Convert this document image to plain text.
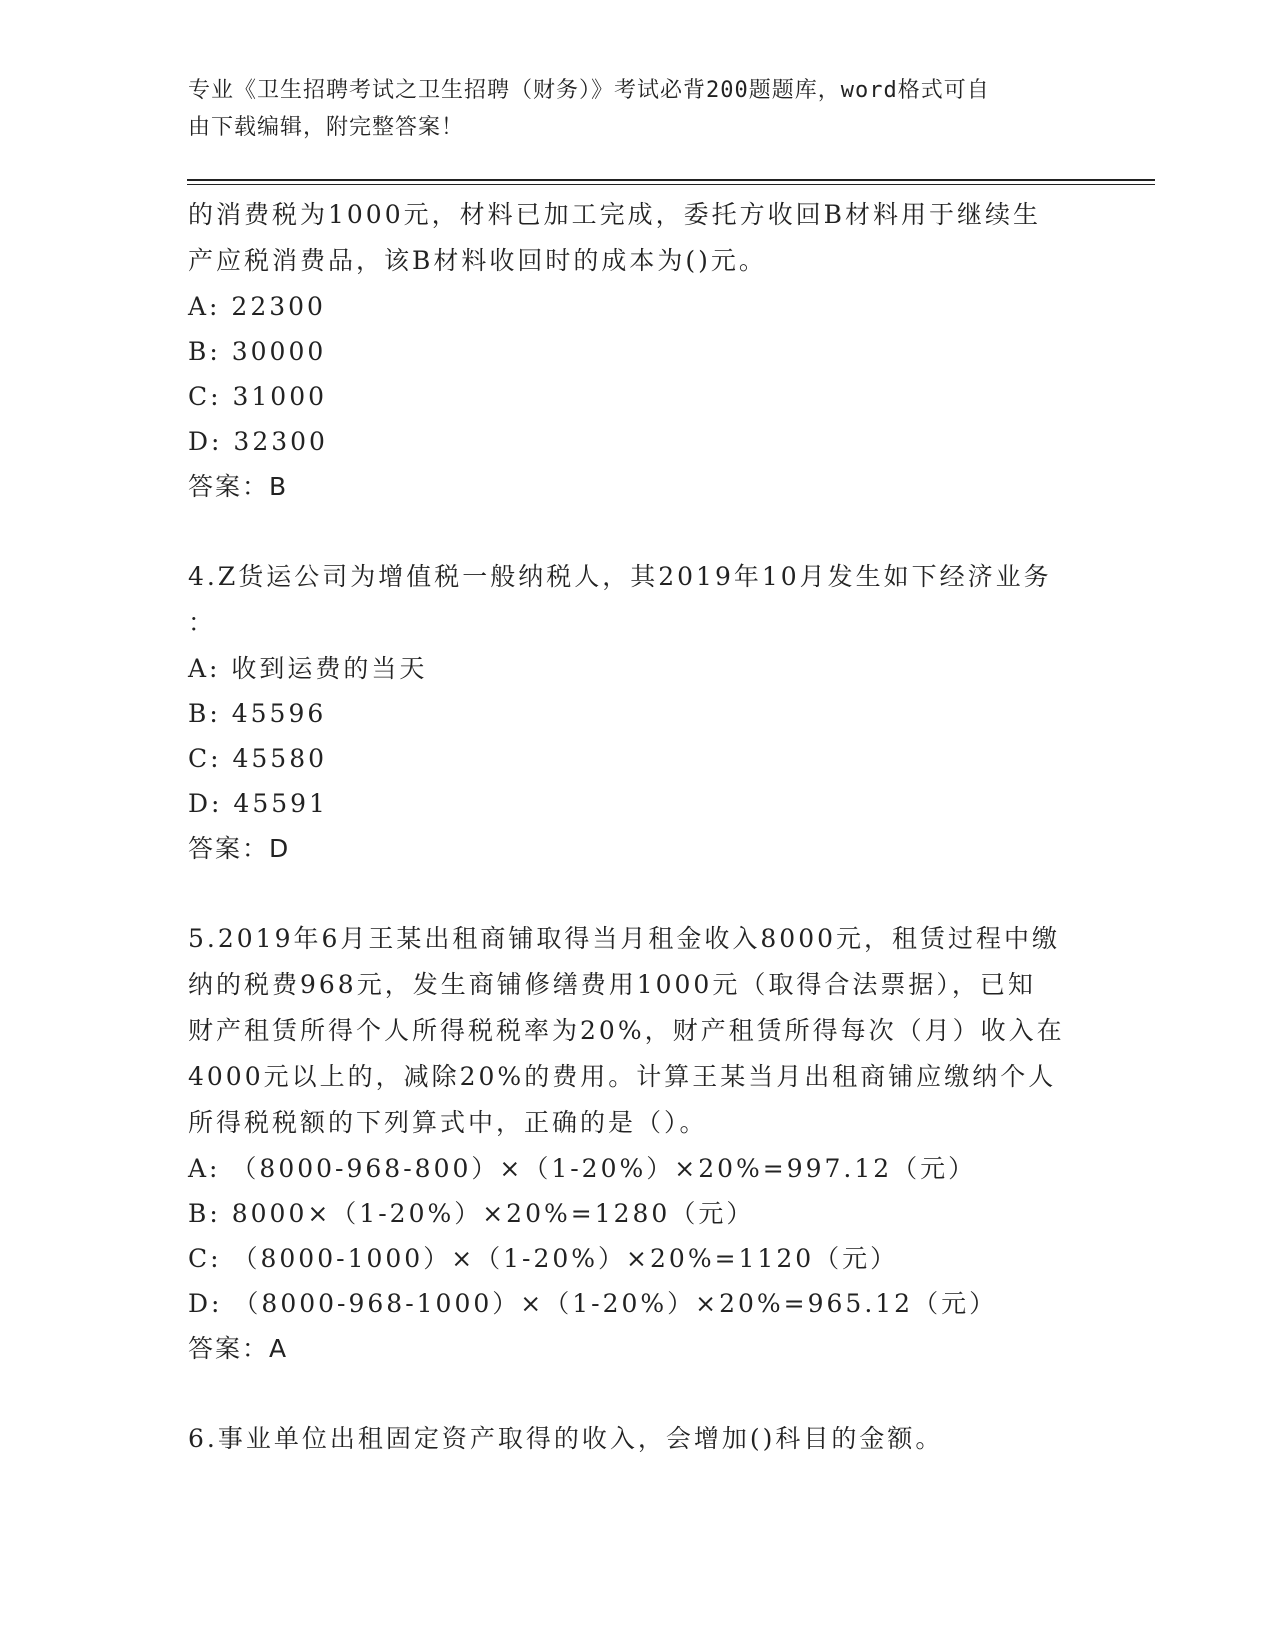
专业《卫生招聘考试之卫生招聘（财务）》考试必背200题题库，word格式可自
由下载编辑，附完整答案！
的消费税为1000元，材料已加工完成，委托方收回B材料用于继续生
产应税消费品，该B材料收回时的成本为()元。
A: 22300
B: 30000
C: 31000
D: 32300
答案：B
4.Z货运公司为增值税一般纳税人，其2019年10月发生如下经济业务
：
A: 收到运费的当天
B: 45596
C: 45580
D: 45591
答案：D
5.2019年6月王某出租商铺取得当月租金收入8000元，租赁过程中缴
纳的税费968元，发生商铺修缮费用1000元（取得合法票据），已知
财产租赁所得个人所得税税率为20%，财产租赁所得每次（月）收入在
4000元以上的，减除20%的费用。计算王某当月出租商铺应缴纳个人
所得税税额的下列算式中，正确的是（）。
A: （8000-968-800）×（1-20%）×20%=997.12（元）
B: 8000×（1-20%）×20%=1280（元）
C: （8000-1000）×（1-20%）×20%=1120（元）
D: （8000-968-1000）×（1-20%）×20%=965.12（元）
答案：A
6.事业单位出租固定资产取得的收入，会增加()科目的金额。
